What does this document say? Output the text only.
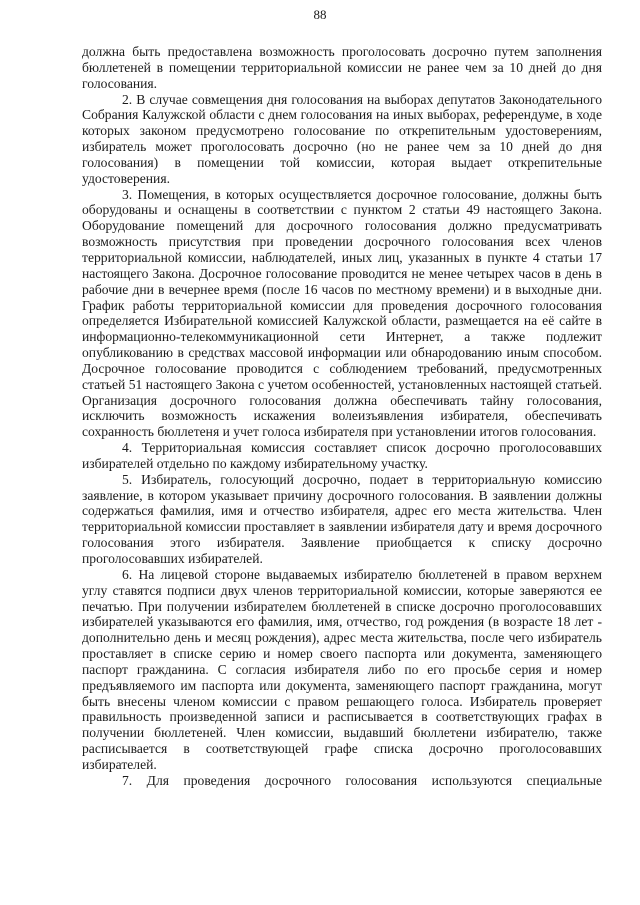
88

должна быть предоставлена возможность проголосовать досрочно путем заполнения бюллетеней в помещении территориальной комиссии не ранее чем за 10 дней до дня голосования.

2. В случае совмещения дня голосования на выборах депутатов Законодательного Собрания Калужской области с днем голосования на иных выборах, референдуме, в ходе которых законом предусмотрено голосование по открепительным удостоверениям, избиратель может проголосовать досрочно (но не ранее чем за 10 дней до дня голосования) в помещении той комиссии, которая выдает открепительные удостоверения.

3. Помещения, в которых осуществляется досрочное голосование, должны быть оборудованы и оснащены в соответствии с пунктом 2 статьи 49 настоящего Закона. Оборудование помещений для досрочного голосования должно предусматривать возможность присутствия при проведении досрочного голосования всех членов территориальной комиссии, наблюдателей, иных лиц, указанных в пункте 4 статьи 17 настоящего Закона. Досрочное голосование проводится не менее четырех часов в день в рабочие дни в вечернее время (после 16 часов по местному времени) и в выходные дни. График работы территориальной комиссии для проведения досрочного голосования определяется Избирательной комиссией Калужской области, размещается на её сайте в информационно-телекоммуникационной сети Интернет, а также подлежит опубликованию в средствах массовой информации или обнародованию иным способом. Досрочное голосование проводится с соблюдением требований, предусмотренных статьей 51 настоящего Закона с учетом особенностей, установленных настоящей статьей. Организация досрочного голосования должна обеспечивать тайну голосования, исключить возможность искажения волеизъявления избирателя, обеспечивать сохранность бюллетеня и учет голоса избирателя при установлении итогов голосования.

4. Территориальная комиссия составляет список досрочно проголосовавших избирателей отдельно по каждому избирательному участку.

5. Избиратель, голосующий досрочно, подает в территориальную комиссию заявление, в котором указывает причину досрочного голосования. В заявлении должны содержаться фамилия, имя и отчество избирателя, адрес его места жительства. Член территориальной комиссии проставляет в заявлении избирателя дату и время досрочного голосования этого избирателя. Заявление приобщается к списку досрочно проголосовавших избирателей.

6. На лицевой стороне выдаваемых избирателю бюллетеней в правом верхнем углу ставятся подписи двух членов территориальной комиссии, которые заверяются ее печатью. При получении избирателем бюллетеней в списке досрочно проголосовавших избирателей указываются его фамилия, имя, отчество, год рождения (в возрасте 18 лет - дополнительно день и месяц рождения), адрес места жительства, после чего избиратель проставляет в списке серию и номер своего паспорта или документа, заменяющего паспорт гражданина. С согласия избирателя либо по его просьбе серия и номер предъявляемого им паспорта или документа, заменяющего паспорт гражданина, могут быть внесены членом комиссии с правом решающего голоса. Избиратель проверяет правильность произведенной записи и расписывается в соответствующих графах в получении бюллетеней. Член комиссии, выдавший бюллетени избирателю, также расписывается в соответствующей графе списка досрочно проголосовавших избирателей.

7. Для проведения досрочного голосования используются специальные
